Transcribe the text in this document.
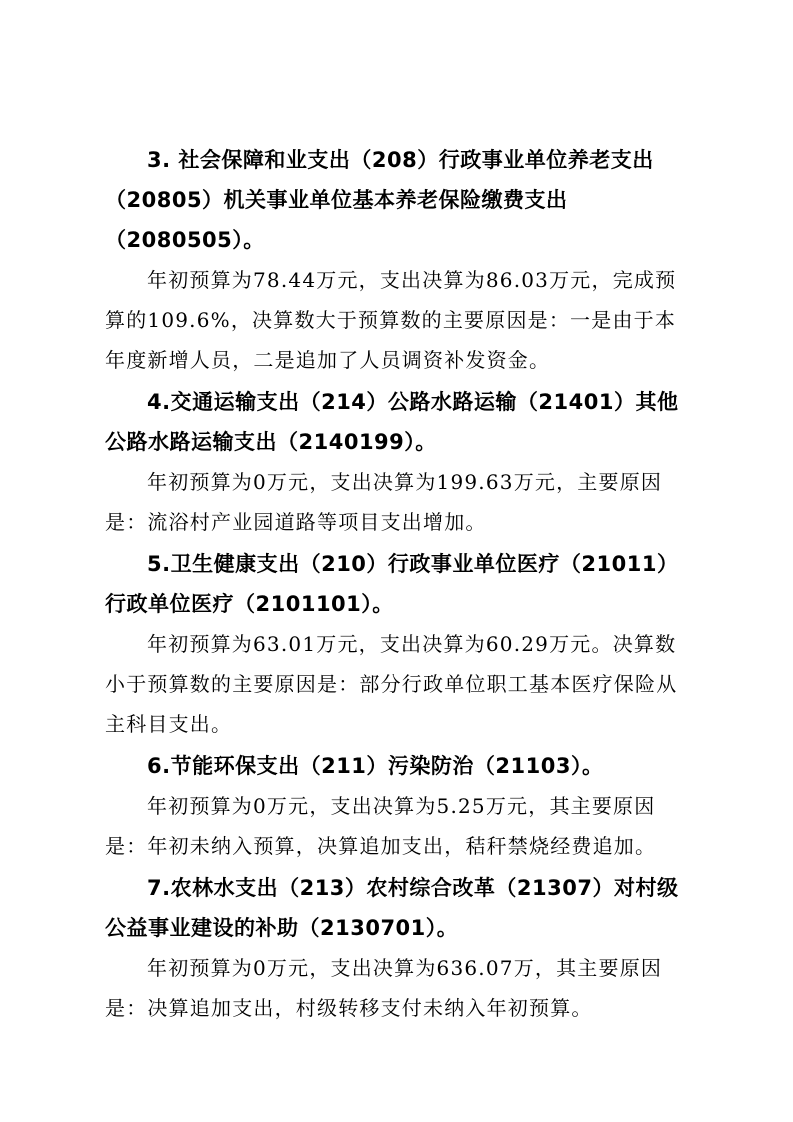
3. 社会保障和业支出（208）行政事业单位养老支出（20805）机关事业单位基本养老保险缴费支出（2080505）。

年初预算为78.44万元，支出决算为86.03万元，完成预算的109.6%，决算数大于预算数的主要原因是：一是由于本年度新增人员，二是追加了人员调资补发资金。

4.交通运输支出（214）公路水路运输（21401）其他公路水路运输支出（2140199）。

年初预算为0万元，支出决算为199.63万元，主要原因是：流浴村产业园道路等项目支出增加。

5.卫生健康支出（210）行政事业单位医疗（21011）行政单位医疗（2101101）。

年初预算为63.01万元，支出决算为60.29万元。决算数小于预算数的主要原因是：部分行政单位职工基本医疗保险从主科目支出。

6.节能环保支出（211）污染防治（21103）。

年初预算为0万元，支出决算为5.25万元，其主要原因是：年初未纳入预算，决算追加支出，秸秆禁烧经费追加。

7.农林水支出（213）农村综合改革（21307）对村级公益事业建设的补助（2130701）。

年初预算为0万元，支出决算为636.07万，其主要原因是：决算追加支出，村级转移支付未纳入年初预算。
